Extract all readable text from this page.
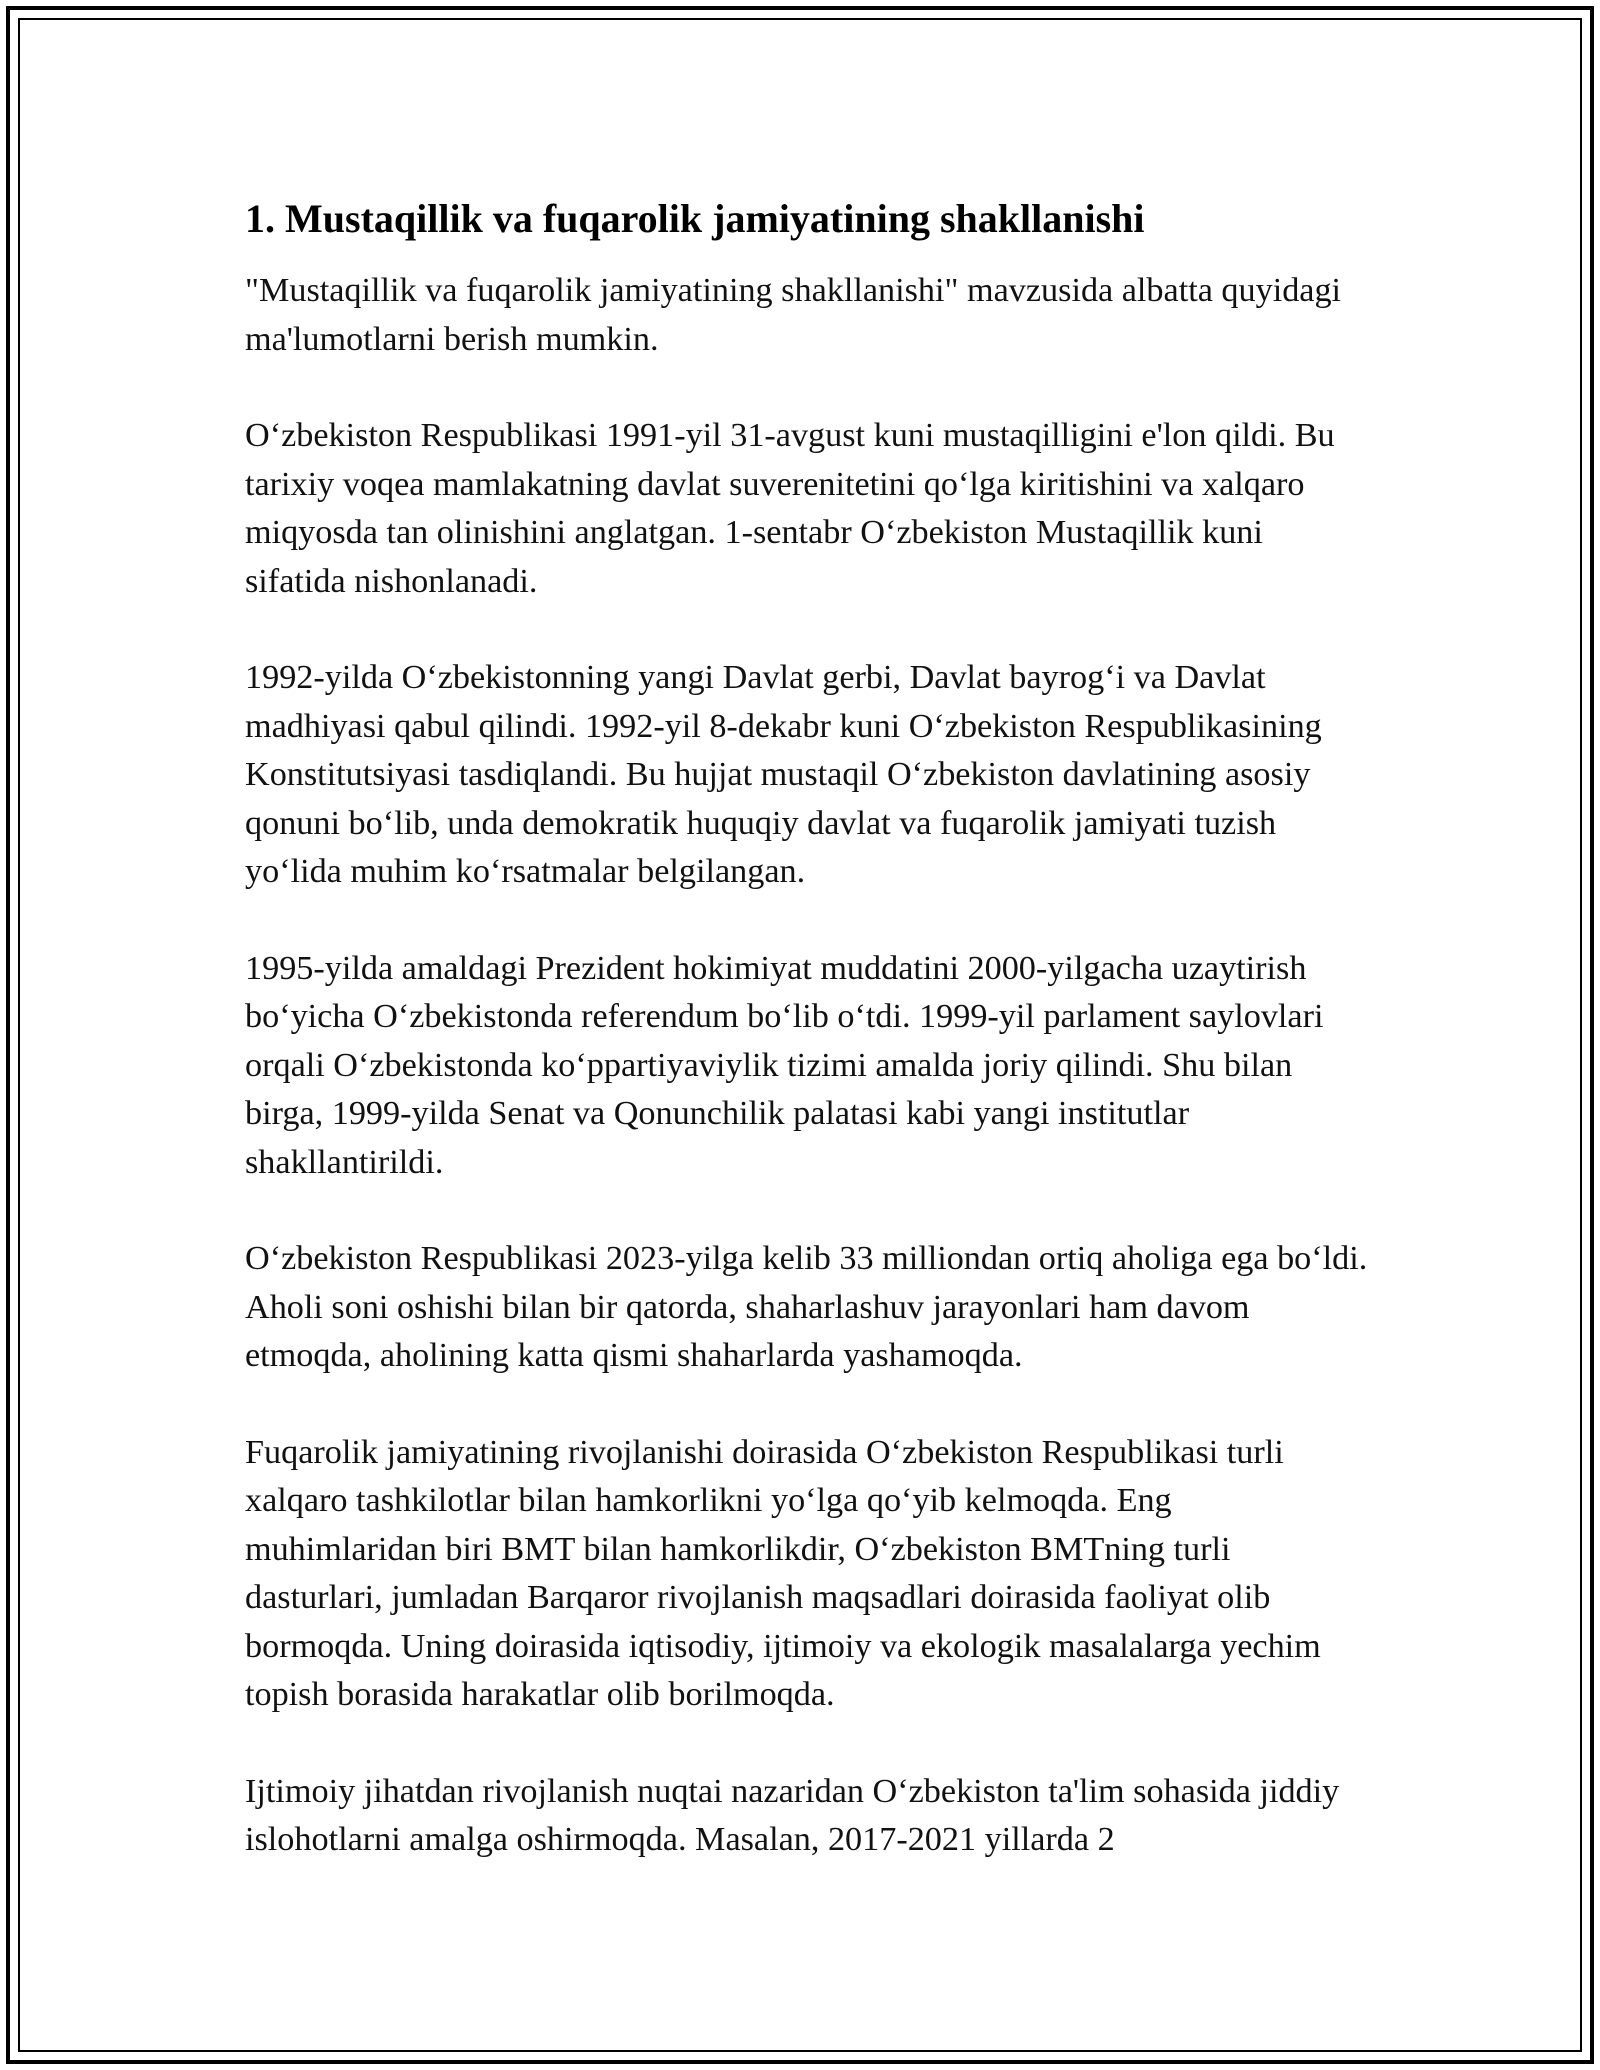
1. Mustaqillik va fuqarolik jamiyatining shakllanishi

"Mustaqillik va fuqarolik jamiyatining shakllanishi" mavzusida albatta quyidagi ma'lumotlarni berish mumkin.

O‘zbekiston Respublikasi 1991-yil 31-avgust kuni mustaqilligini e'lon qildi. Bu tarixiy voqea mamlakatning davlat suverenitetini qo‘lga kiritishini va xalqaro miqyosda tan olinishini anglatgan. 1-sentabr O‘zbekiston Mustaqillik kuni sifatida nishonlanadi.

1992-yilda O‘zbekistonning yangi Davlat gerbi, Davlat bayrog‘i va Davlat madhiyasi qabul qilindi. 1992-yil 8-dekabr kuni O‘zbekiston Respublikasining Konstitutsiyasi tasdiqlandi. Bu hujjat mustaqil O‘zbekiston davlatining asosiy qonuni bo‘lib, unda demokratik huquqiy davlat va fuqarolik jamiyati tuzish yo‘lida muhim ko‘rsatmalar belgilangan.

1995-yilda amaldagi Prezident hokimiyat muddatini 2000-yilgacha uzaytirish bo‘yicha O‘zbekistonda referendum bo‘lib o‘tdi. 1999-yil parlament saylovlari orqali O‘zbekistonda ko‘ppartiyaviylik tizimi amalda joriy qilindi. Shu bilan birga, 1999-yilda Senat va Qonunchilik palatasi kabi yangi institutlar shakllantirildi.

O‘zbekiston Respublikasi 2023-yilga kelib 33 milliondan ortiq aholiga ega bo‘ldi. Aholi soni oshishi bilan bir qatorda, shaharlashuv jarayonlari ham davom etmoqda, aholining katta qismi shaharlarda yashamoqda.

Fuqarolik jamiyatining rivojlanishi doirasida O‘zbekiston Respublikasi turli xalqaro tashkilotlar bilan hamkorlikni yo‘lga qo‘yib kelmoqda. Eng muhimlaridan biri BMT bilan hamkorlikdir, O‘zbekiston BMTning turli dasturlari, jumladan Barqaror rivojlanish maqsadlari doirasida faoliyat olib bormoqda. Uning doirasida iqtisodiy, ijtimoiy va ekologik masalalarga yechim topish borasida harakatlar olib borilmoqda.

Ijtimoiy jihatdan rivojlanish nuqtai nazaridan O‘zbekiston ta'lim sohasida jiddiy islohotlarni amalga oshirmoqda. Masalan, 2017-2021 yillarda 2
